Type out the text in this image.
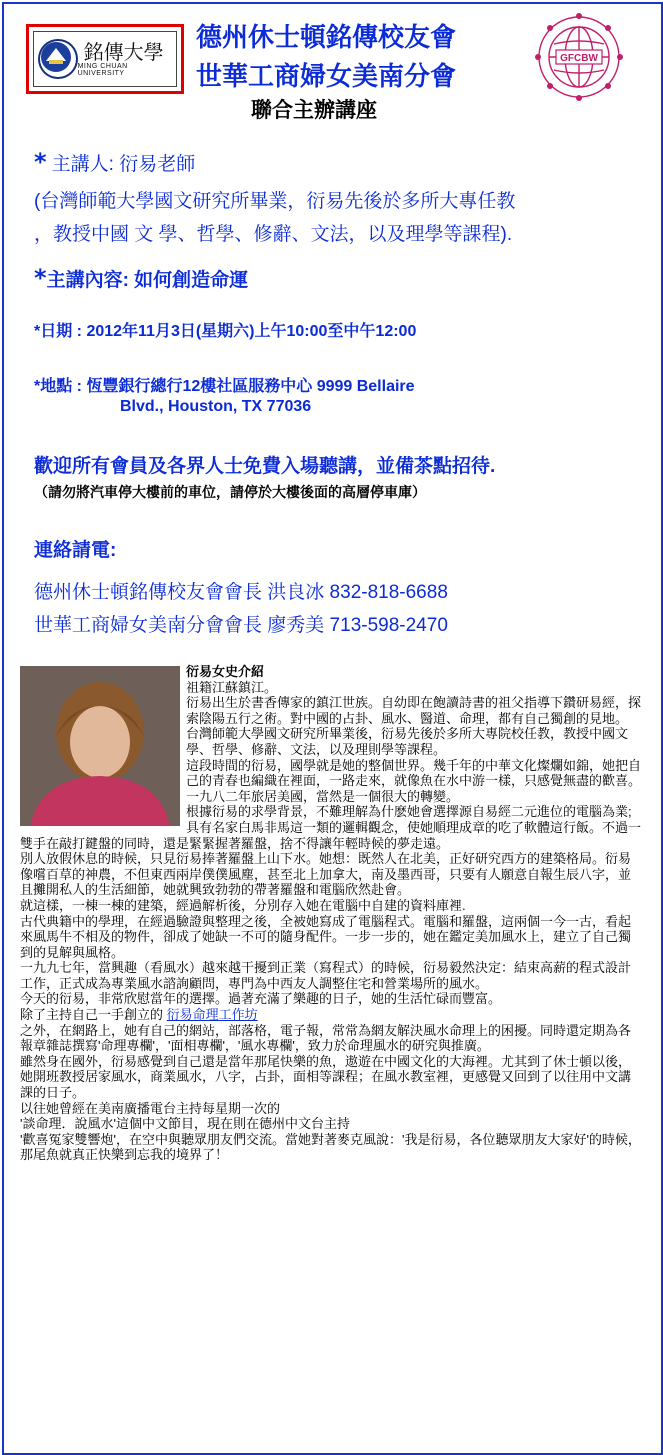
銘傳大學
MING CHUAN UNIVERSITY
德州休士頓銘傳校友會
世華工商婦女美南分會
聯合主辦講座
GFCBW
* 主講人: 衍易老師
(台灣師範大學國文研究所畢業，衍易先後於多所大專任教
，教授中國 文 學、哲學、修辭、文法，以及理學等課程).
*主講內容: 如何創造命運
*日期 : 2012年11月3日(星期六)上午10:00至中午12:00
*地點 : 恆豐銀行總行12樓社區服務中心 9999 Bellaire
Blvd., Houston, TX 77036
歡迎所有會員及各界人士免費入場聽講，並備茶點招待.
（請勿將汽車停大樓前的車位，請停於大樓後面的高層停車庫）
連絡請電:
德州休士頓銘傳校友會會長 洪良冰 832-818-6688
世華工商婦女美南分會會長 廖秀美 713-598-2470

衍易女史介紹

祖籍江蘇鎮江。

衍易出生於書香傳家的鎮江世族。自幼即在飽讀詩書的祖父指導下鑽研易經，探索陰陽五行之術。對中國的占卦、風水、醫道、命理，都有自己獨創的見地。

台灣師範大學國文研究所畢業後，衍易先後於多所大專院校任教，教授中國文學、哲學、修辭、文法，以及理則學等課程。

這段時間的衍易，國學就是她的整個世界。幾千年的中華文化燦爛如錦，她把自己的青春也編織在裡面，一路走來，就像魚在水中游一樣，只感覺無盡的歡喜。

一九八二年旅居美國，當然是一個很大的轉變。

根據衍易的求學背景，不難理解為什麽她會選擇源自易經二元進位的電腦為業;

具有名家白馬非馬這一類的邏輯觀念，使她順理成章的吃了軟體這行飯。不過一雙手在敲打鍵盤的同時，還是緊緊握著羅盤，捨不得讓年輕時候的夢走遠。

別人放假休息的時候，只見衍易捧著羅盤上山下水。她想：既然人在北美，正好研究西方的建築格局。衍易像嚐百草的神農，不但東西兩岸僕僕風塵，甚至北上加拿大，南及墨西哥，只要有人願意自報生辰八字，並且攤開私人的生活細節，她就興致勃勃的帶著羅盤和電腦欣然赴會。

就這樣，一棟一棟的建築，經過解析後，分別存入她在電腦中自建的資料庫裡.

古代典籍中的學理，在經過驗證與整理之後，全被她寫成了電腦程式。電腦和羅盤，這兩個一今一古，看起來風馬牛不相及的物件，卻成了她缺一不可的隨身配件。一步一步的，她在鑑定美加風水上，建立了自己獨到的見解與風格。

一九九七年，當興趣（看風水）越來越干擾到正業（寫程式）的時候，衍易毅然決定：結束高薪的程式設計工作，正式成為專業風水諮詢顧問，專門為中西友人調整住宅和營業場所的風水。

今天的衍易，非常欣慰當年的選擇。過著充滿了樂趣的日子，她的生活忙碌而豐富。

除了主持自己一手創立的 衍易命理工作坊

之外，在網路上，她有自己的網站，部落格，電子報，常常為網友解決風水命理上的困擾。同時還定期為各報章雜誌撰寫'命理專欄'，'面相專欄'，'風水專欄'，致力於命理風水的研究與推廣。

雖然身在國外，衍易感覺到自己還是當年那尾快樂的魚，遨遊在中國文化的大海裡。尤其到了休士頓以後，她開班教授居家風水，商業風水，八字，占卦，面相等課程；在風水教室裡，更感覺又回到了以往用中文講課的日子。

以往她曾經在美南廣播電台主持每星期一次的

'談命理．說風水'這個中文節目，現在則在德州中文台主持

'歡喜冤家雙響炮'，在空中與聽眾朋友們交流。當她對著麥克風說：'我是衍易，各位聽眾朋友大家好'的時候，那尾魚就真正快樂到忘我的境界了！
